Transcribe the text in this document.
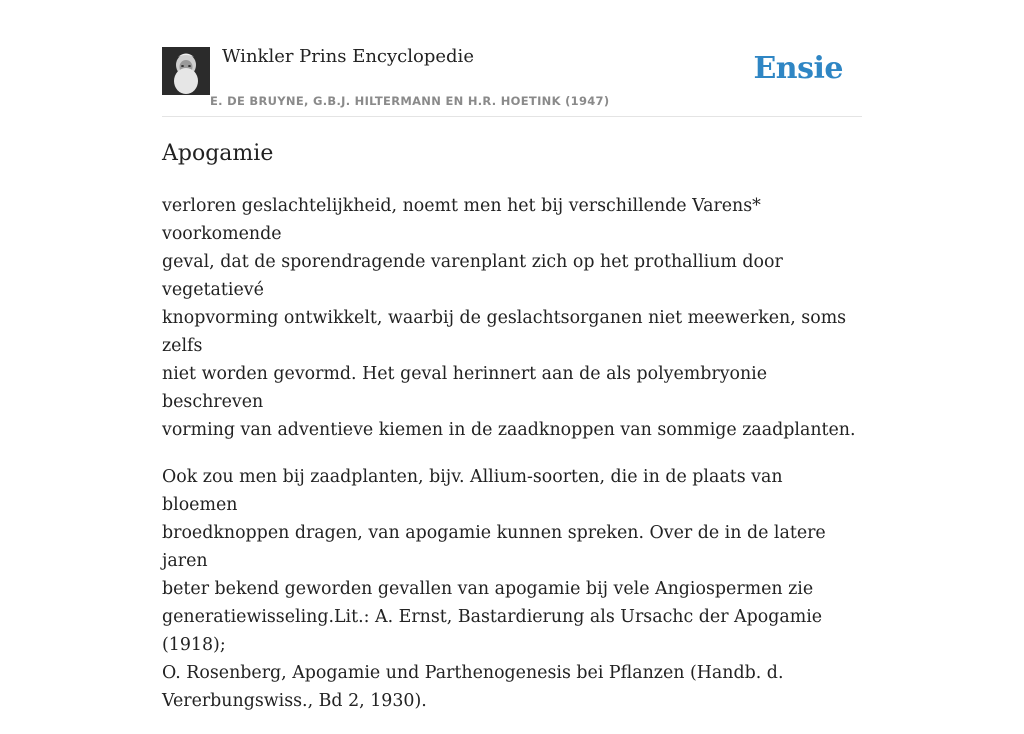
Winkler Prins Encyclopedie
E. DE BRUYNE, G.B.J. HILTERMANN EN H.R. HOETINK (1947)
Ensie
Apogamie

verloren geslachtelijkheid, noemt men het bij verschillende Varens* voorkomende
geval, dat de sporendragende varenplant zich op het prothallium door vegetatievé
knopvorming ontwikkelt, waarbij de geslachtsorganen niet meewerken, soms zelfs
niet worden gevormd. Het geval herinnert aan de als polyembryonie beschreven
vorming van adventieve kiemen in de zaadknoppen van sommige zaadplanten.

Ook zou men bij zaadplanten, bijv. Allium-soorten, die in de plaats van bloemen
broedknoppen dragen, van apogamie kunnen spreken. Over de in de latere jaren
beter bekend geworden gevallen van apogamie bij vele Angiospermen zie
generatiewisseling.Lit.: A. Ernst, Bastardierung als Ursachc der Apogamie (1918);
O. Rosenberg, Apogamie und Parthenogenesis bei Pflanzen (Handb. d.
Vererbungswiss., Bd 2, 1930).
